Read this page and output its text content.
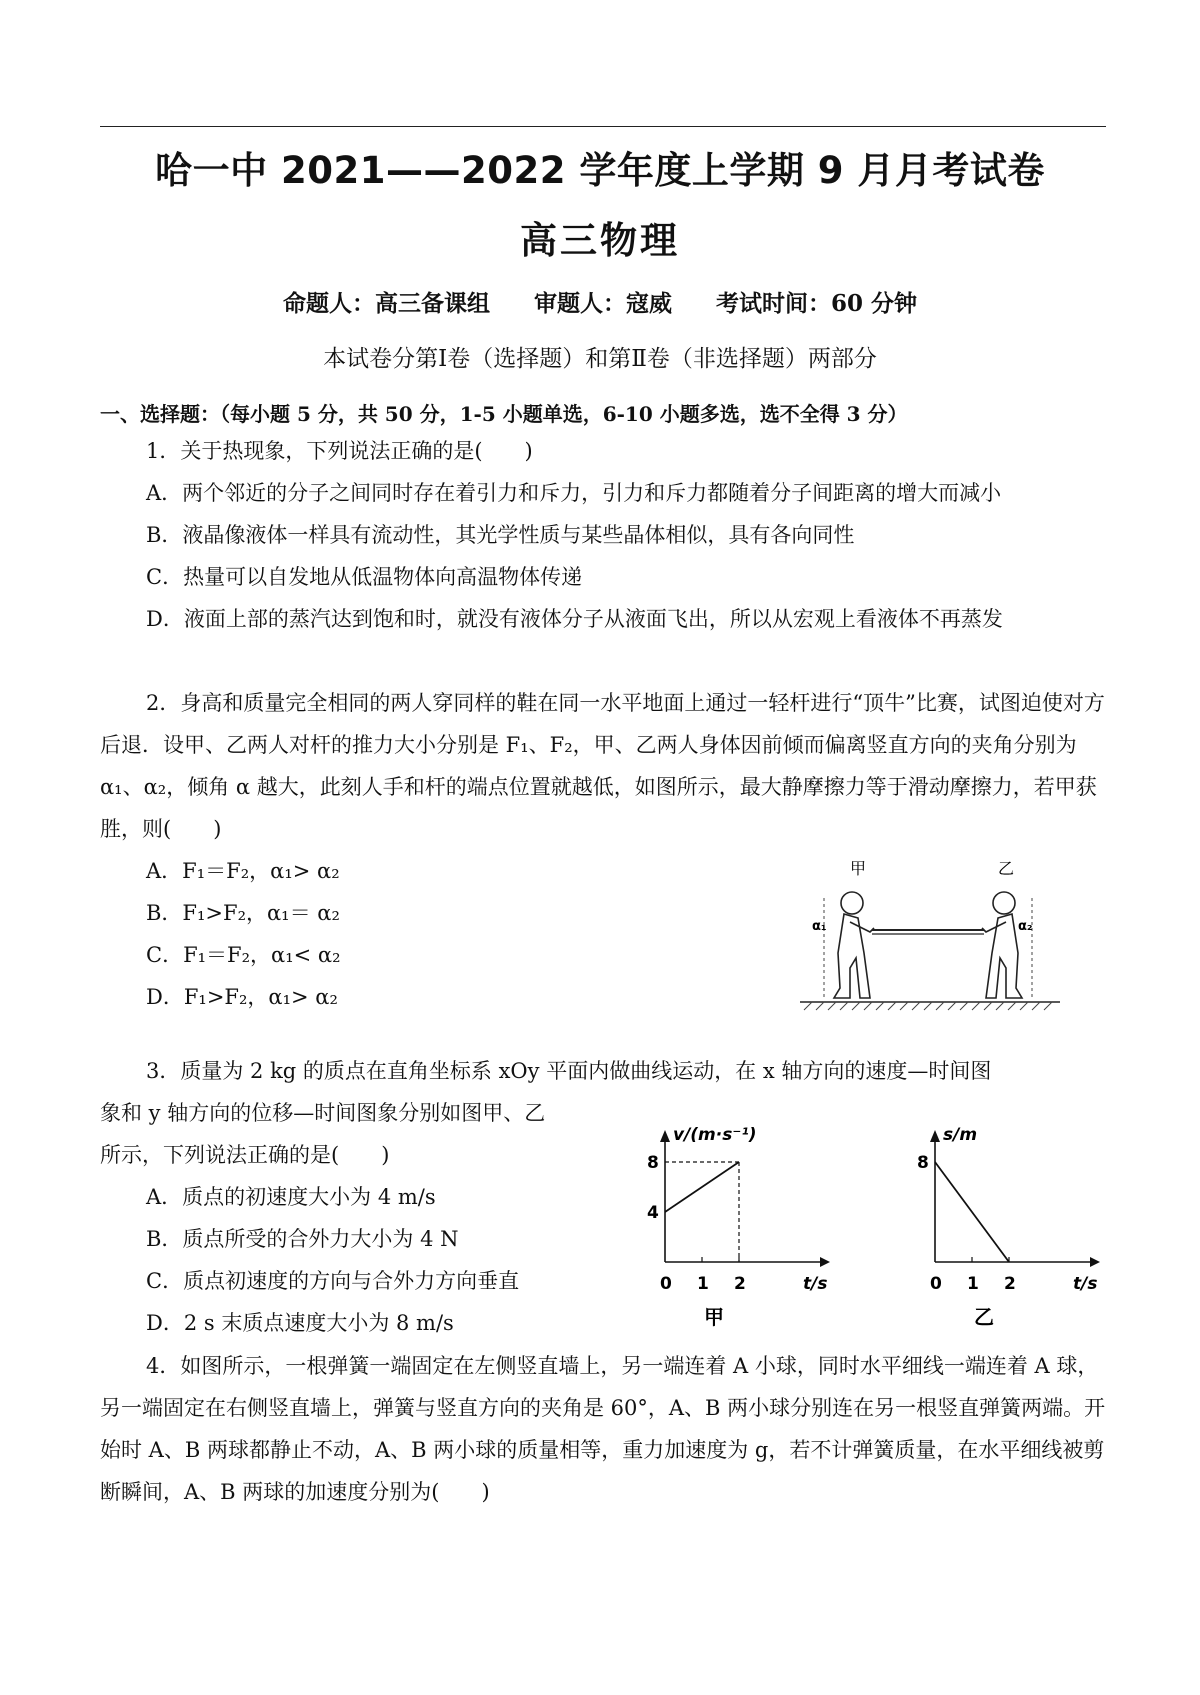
哈一中 2021——2022 学年度上学期 9 月月考试卷
高三物理
命题人：高三备课组 审题人：寇威 考试时间：60 分钟
本试卷分第Ⅰ卷（选择题）和第Ⅱ卷（非选择题）两部分
一、选择题：（每小题 5 分，共 50 分，1-5 小题单选，6-10 小题多选，选不全得 3 分）
1．关于热现象，下列说法正确的是(　　)
A．两个邻近的分子之间同时存在着引力和斥力，引力和斥力都随着分子间距离的增大而减小
B．液晶像液体一样具有流动性，其光学性质与某些晶体相似，具有各向同性
C．热量可以自发地从低温物体向高温物体传递
D．液面上部的蒸汽达到饱和时，就没有液体分子从液面飞出，所以从宏观上看液体不再蒸发
2．身高和质量完全相同的两人穿同样的鞋在同一水平地面上通过一轻杆进行“顶牛”比赛，试图迫使对方后退．设甲、乙两人对杆的推力大小分别是 F₁、F₂，甲、乙两人身体因前倾而偏离竖直方向的夹角分别为 α₁、α₂，倾角 α 越大，此刻人手和杆的端点位置就越低，如图所示，最大静摩擦力等于滑动摩擦力，若甲获胜，则(　　)
A．F₁＝F₂，α₁> α₂
B．F₁>F₂，α₁＝ α₂
C．F₁＝F₂，α₁< α₂
D．F₁>F₂，α₁> α₂
甲	乙
α₁	α₂
3．质量为 2 kg 的质点在直角坐标系 xOy 平面内做曲线运动，在 x 轴方向的速度—时间图
象和 y 轴方向的位移—时间图象分别如图甲、乙
所示，下列说法正确的是(　　)
A．质点的初速度大小为 4 m/s
B．质点所受的合外力大小为 4 N
C．质点初速度的方向与合外力方向垂直
D．2 s 末质点速度大小为 8 m/s
v/(m·s⁻¹)
t/s
0 1 2
4
8
甲
s/m
t/s
0 1 2
8
乙
4．如图所示，一根弹簧一端固定在左侧竖直墙上，另一端连着 A 小球，同时水平细线一端连着 A 球，另一端固定在右侧竖直墙上，弹簧与竖直方向的夹角是 60°，A、B 两小球分别连在另一根竖直弹簧两端。开始时 A、B 两球都静止不动，A、B 两小球的质量相等，重力加速度为 g，若不计弹簧质量，在水平细线被剪断瞬间，A、B 两球的加速度分别为(　　)
